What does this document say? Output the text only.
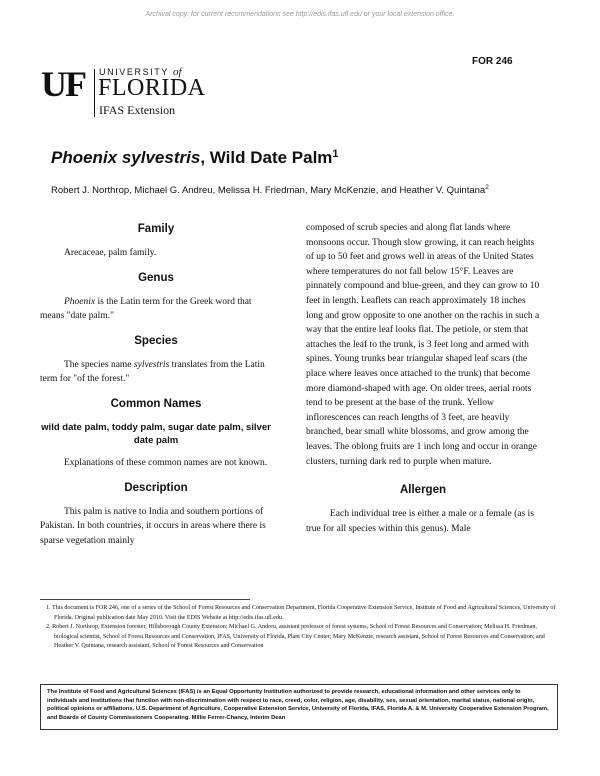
Archival copy: for current recommendations see http://edis.ifas.ufl.edu or your local extension office.
FOR 246
UF UNIVERSITY of
FLORIDA
IFAS Extension
Phoenix sylvestris, Wild Date Palm$^1$
Robert J. Northrop, Michael G. Andreu, Melissa H. Friedman, Mary McKenzie, and Heather V. Quintana$^2$
Family
Arecaceae, palm family.
Genus
Phoenix is the Latin term for the Greek word that means "date palm."
Species
The species name sylvestris translates from the Latin term for "of the forest."
Common Names
wild date palm, toddy palm, sugar date palm, silver date palm
Explanations of these common names are not known.
Description
This palm is native to India and southern portions of Pakistan. In both countries, it occurs in areas where there is sparse vegetation mainly
composed of scrub species and along flat lands where monsoons occur. Though slow growing, it can reach heights of up to 50 feet and grows well in areas of the United States where temperatures do not fall below 15°F. Leaves are pinnately compound and blue-green, and they can grow to 10 feet in length. Leaflets can reach approximately 18 inches long and grow opposite to one another on the rachis in such a way that the entire leaf looks flat. The petiole, or stem that attaches the leaf to the trunk, is 3 feet long and armed with spines. Young trunks bear triangular shaped leaf scars (the place where leaves once attached to the trunk) that become more diamond-shaped with age. On older trees, aerial roots tend to be present at the base of the trunk. Yellow inflorescences can reach lengths of 3 feet, are heavily branched, bear small white blossoms, and grow among the leaves. The oblong fruits are 1 inch long and occur in orange clusters, turning dark red to purple when mature.
Allergen
Each individual tree is either a male or a female (as is true for all species within this genus). Male
1. This document is FOR 246, one of a series of the School of Forest Resources and Conservation Department, Florida Cooperative Extension Service, Institute of Food and Agricultural Sciences, University of Florida. Original publication date May 2010. Visit the EDIS Website at http://edis.ifas.ufl.edu.
2. Robert J. Northrop, Extension forester, Hillsborough County Extension; Michael G. Andreu, assistant professor of forest systems, School of Forest Resources and Conservation; Melissa H. Friedman, biological scientist, School of Forest Resources and Conservation, IFAS, University of Florida, Plant City Center; Mary McKenzie, research assistant, School of Forest Resources and Conservation; and Heather V. Quintana, research assistant, School of Forest Resources and Conservation
The Institute of Food and Agricultural Sciences (IFAS) is an Equal Opportunity Institution authorized to provide research, educational information and other services only to individuals and institutions that function with non-discrimination with respect to race, creed, color, religion, age, disability, sex, sexual orientation, marital status, national origin, political opinions or affiliations. U.S. Department of Agriculture, Cooperative Extension Service, University of Florida, IFAS, Florida A. & M. University Cooperative Extension Program, and Boards of County Commissioners Cooperating. Millie Ferrer-Chancy, Interim Dean
